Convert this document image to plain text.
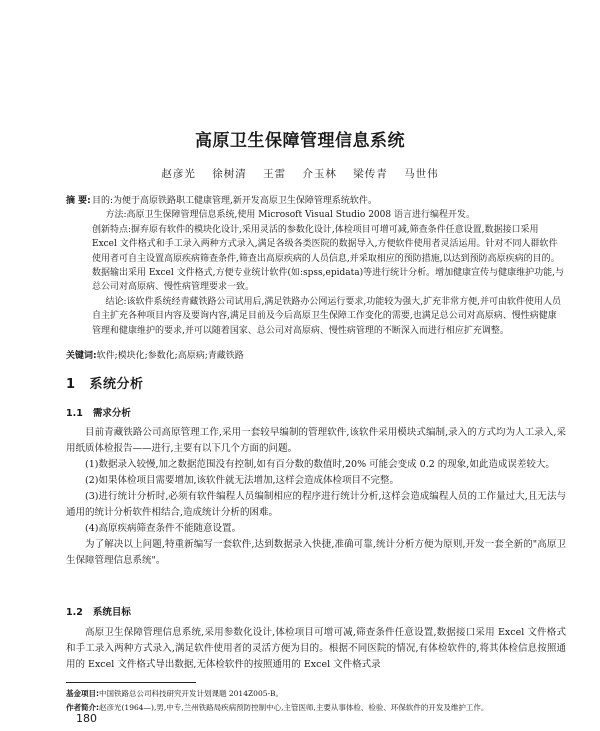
高原卫生保障管理信息系统
赵彦光 徐树清 王雷 介玉林 梁传青 马世伟
摘 要: 目的:为便于高原铁路职工健康管理,新开发高原卫生保障管理系统软件。

方法:高原卫生保障管理信息系统,使用 Microsoft Visual Studio 2008 语言进行编程开发。

创新特点:摒弃原有软件的模块化设计,采用灵活的参数化设计,体检项目可增可减,筛查条件任意设置,数据接口采用 Excel 文件格式和手工录入两种方式录入,满足各级各类医院的数据导入,方便软件使用者灵活运用。针对不同人群软件使用者可自主设置高原疾病筛查条件,筛查出高原疾病的人员信息,并采取相应的预防措施,以达到预防高原疾病的目的。数据输出采用 Excel 文件格式,方便专业统计软件(如:spss,epidata)等进行统计分析。增加健康宣传与健康维护功能,与总公司对高原病、慢性病管理要求一致。

结论:该软件系统经青藏铁路公司试用后,满足铁路办公网运行要求,功能较为强大,扩充非常方便,并可由软件使用人员自主扩充各种项目内容及要询内容,满足目前及今后高原卫生保障工作变化的需要,也满足总公司对高原病、慢性病健康管理和健康维护的要求,并可以随着国家、总公司对高原病、慢性病管理的不断深入而进行相应扩充调整。

关键词:软件;模块化;参数化;高原病;青藏铁路
1 系统分析
1.1 需求分析

目前青藏铁路公司高原管理工作,采用一套较早编制的管理软件,该软件采用模块式编制,录入的方式均为人工录入,采用纸质体检报告——进行,主要有以下几个方面的问题。

(1)数据录入较慢,加之数据范围没有控制,如有百分数的数值时,20% 可能会变成 0.2 的现象,如此造成误差较大。

(2)如果体检项目需要增加,该软件就无法增加,这样会造成体检项目不完整。

(3)进行统计分析时,必须有软件编程人员编制相应的程序进行统计分析,这样会造成编程人员的工作量过大,且无法与通用的统计分析软件相结合,造成统计分析的困难。

(4)高原疾病筛查条件不能随意设置。

为了解决以上问题,特重新编写一套软件,达到数据录入快捷,准确可靠,统计分析方便为原则,开发一套全新的"高原卫生保障管理信息系统"。

1.2 系统目标

高原卫生保障管理信息系统,采用参数化设计,体检项目可增可减,筛查条件任意设置,数据接口采用 Excel 文件格式和手工录入两种方式录入,满足软件使用者的灵活方便为目的。根据不同医院的情况,有体检软件的,将其体检信息按照通用的 Excel 文件格式导出数据,无体检软件的按照通用的 Excel 文件格式录

基金项目:中国铁路总公司科技研究开发计划课题 2014Z005-B。
作者简介:赵彦光(1964—),男,中专,兰州铁路局疾病预防控制中心,主管医师,主要从事体检、检验、环保软件的开发及维护工作。
180
